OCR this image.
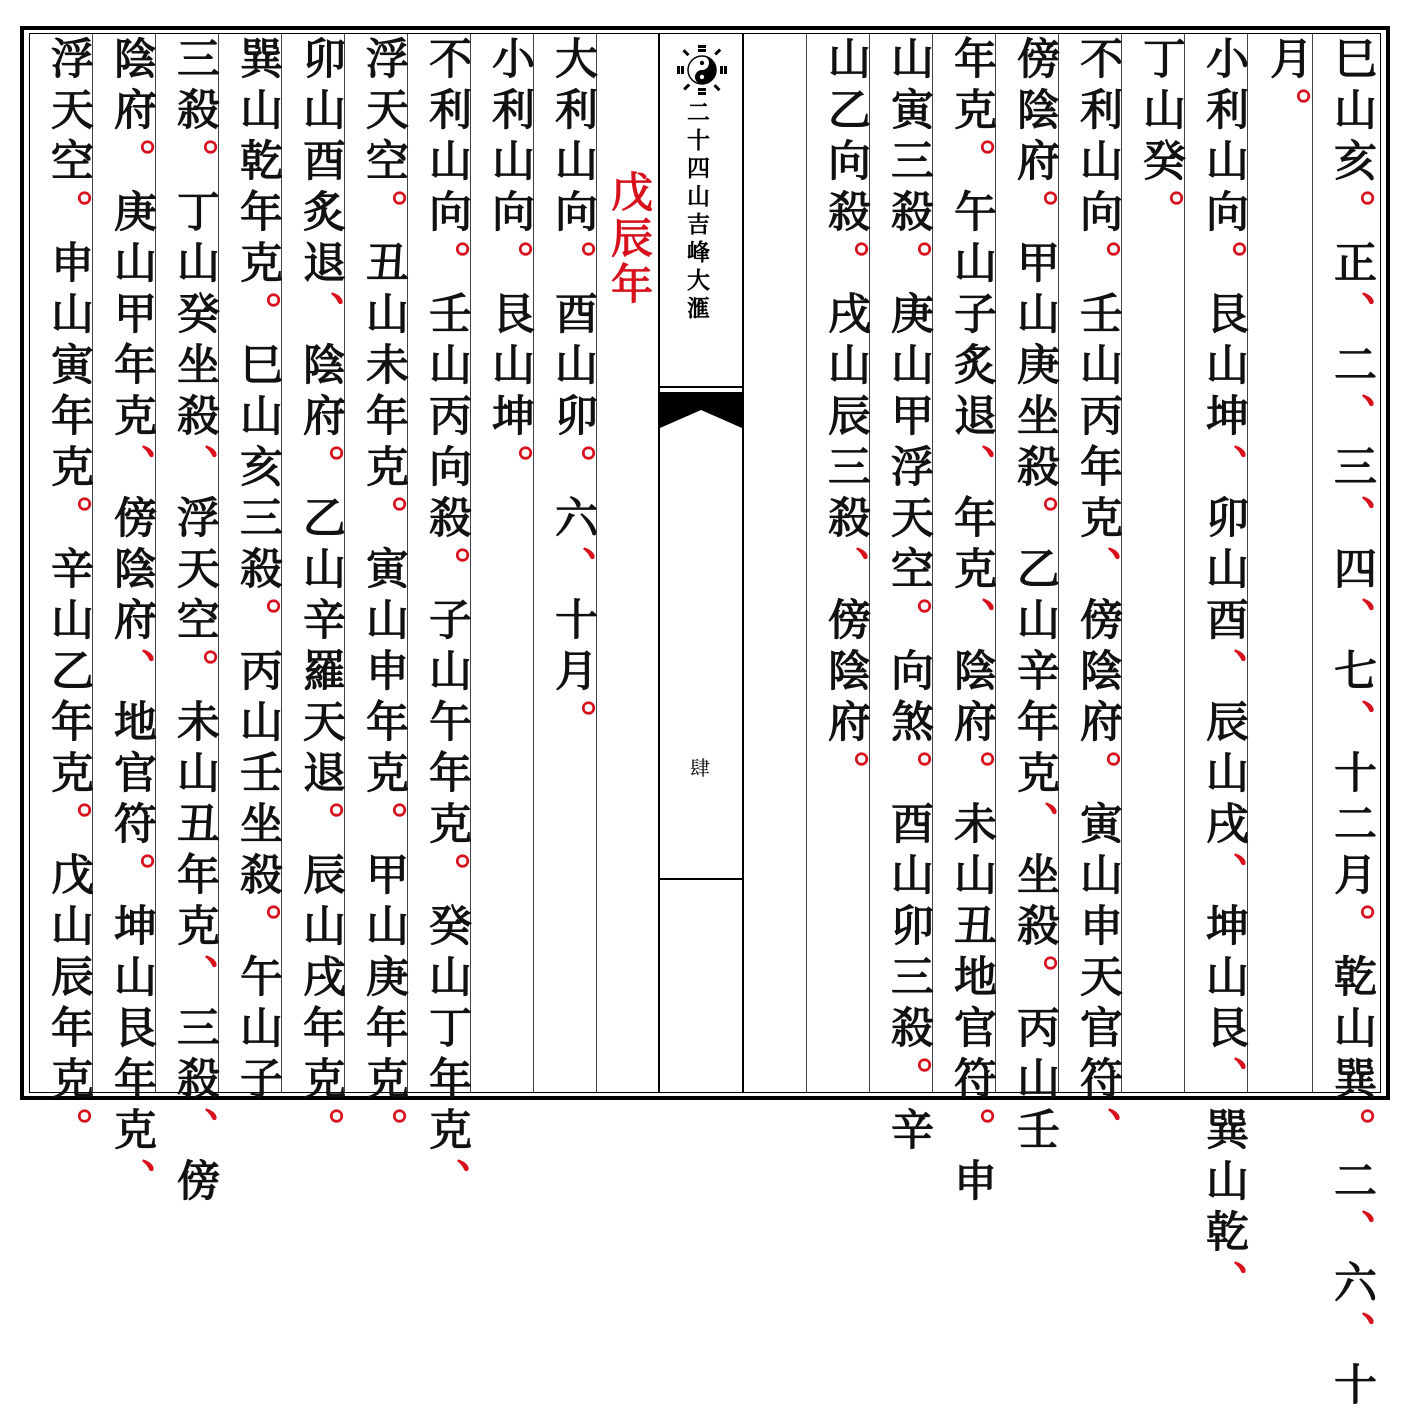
二十四山吉峰大滙
肆
戊辰年

巳山亥。正、二、三、四、七、十二月。乾山巽。二、六、十

月。

小利山向。艮山坤、卯山酉、辰山戌、坤山艮、巽山乾、

丁山癸。

不利山向。壬山丙年克、傍陰府。寅山申天官符、

傍陰府。甲山庚坐殺。乙山辛年克、坐殺。丙山壬

年克。午山子炙退、年克、陰府。未山丑地官符。申

山寅三殺。庚山甲浮天空。向煞。酉山卯三殺。辛

山乙向殺。戌山辰三殺、傍陰府。

大利山向。酉山卯。六、十月。

小利山向。艮山坤。

不利山向。壬山丙向殺。子山午年克。癸山丁年克、

浮天空。丑山未年克。寅山申年克。甲山庚年克。

卯山酉炙退、陰府。乙山辛羅天退。辰山戌年克。

巽山乾年克。巳山亥三殺。丙山壬坐殺。午山子

三殺。丁山癸坐殺、浮天空。未山丑年克、三殺、傍

陰府。庚山甲年克、傍陰府、地官符。坤山艮年克、

浮天空。申山寅年克。辛山乙年克。戊山辰年克。
